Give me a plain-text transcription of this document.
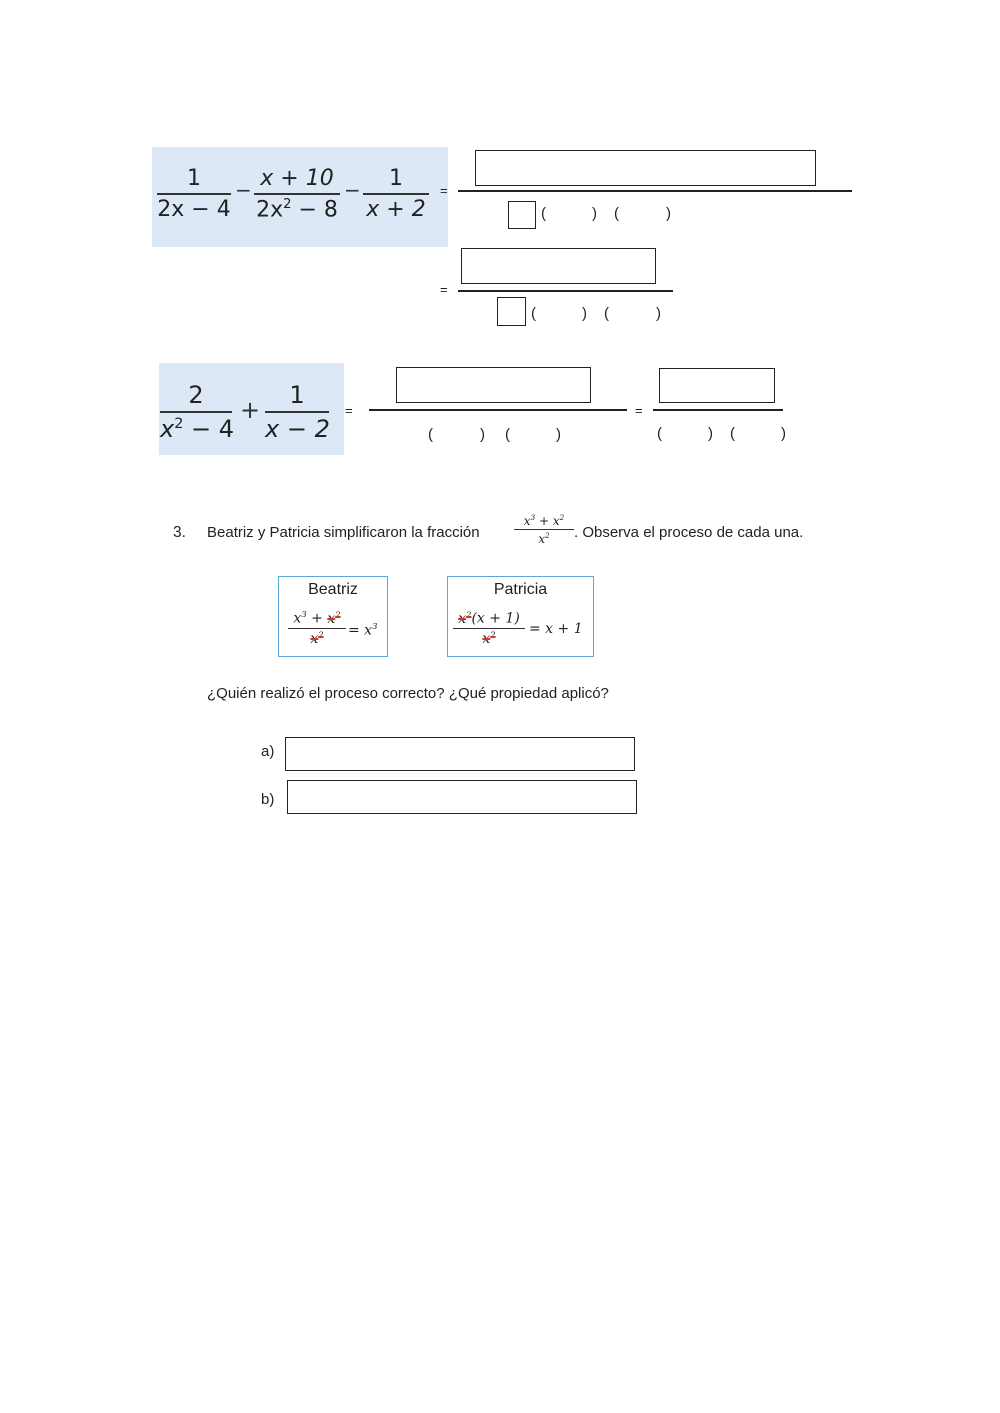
1
2x − 4
− x + 10
$2x^2 - 8$
−	1
x + 2
=
(	) (	)
=
(	) (	)
2
$x^2 - 4$
+
1
x − 2
=
(	) (	)
=
(	) (	)
3. Beatriz y Patricia simplificaron la fracción
$x^3 + x^2$
$x^2$	. Observa el proceso de cada una.
Beatriz
$x^3 + x^2$
$x^2$	= $x^3$
Patricia
$x^2(x + 1)$
$x^2$	= x + 1
¿Quién realizó el proceso correcto? ¿Qué propiedad aplicó?
a)
b)
